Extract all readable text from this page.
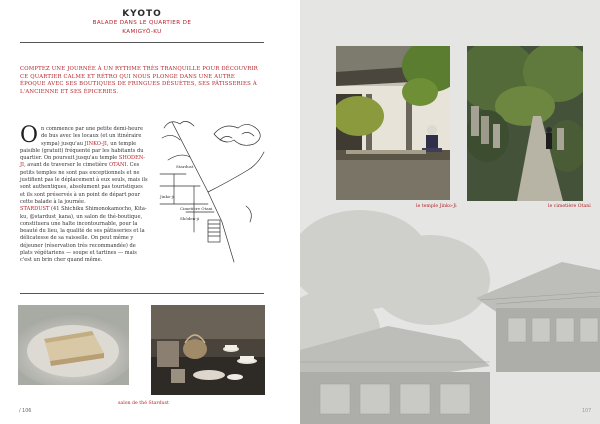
KYOTO
BALADE DANS LE QUARTIER DE
KAMIGYŌ-KU

COMPTEZ UNE JOURNÉE À UN RYTHME TRÈS TRANQUILLE POUR DÉCOUVRIR CE QUARTIER CALME ET RÉTRO QUI NOUS PLONGE DANS UNE AUTRE ÉPOQUE AVEC SES BOUTIQUES DE FRINGUES DÉSUÈTES, SES PÂTISSERIES À L'ANCIENNE ET SES ÉPICERIES.

On commence par une petite demi-heure de bus avec les locaux (et un itinéraire sympa) jusqu'au JINKO-JI, un temple paisible (gratuit) fréquenté par les habitants du quartier. On poursuit jusqu'au temple SHODEN-JI, avant de traverser le cimetière OTANI. Ces petits temples ne sont pas exceptionnels et ne justifient pas le déplacement à eux seuls, mais ils sont authentiques, absolument pas touristiques et ils sont préservés à un point de départ pour cette balade à la journée.
STARDUST (41 Shichiku Shimonokamocho, Kita-ku, @stardust_kana), un salon de thé-boutique, constituera une halte incontournable, pour la beauté du lieu, la qualité de ses pâtisseries et la délicatesse de sa vaisselle. On peut même y déjeuner (réservation très recommandée) de plats végétariens — soupe et tartines — mais c'est un brin cher quand même.
Stardust
Jinko-ji
Cimetière Otani
Shōden-ji
salon de thé Stardust
/ 106
le temple Jinko-Ji	le cimetière Otani
107
